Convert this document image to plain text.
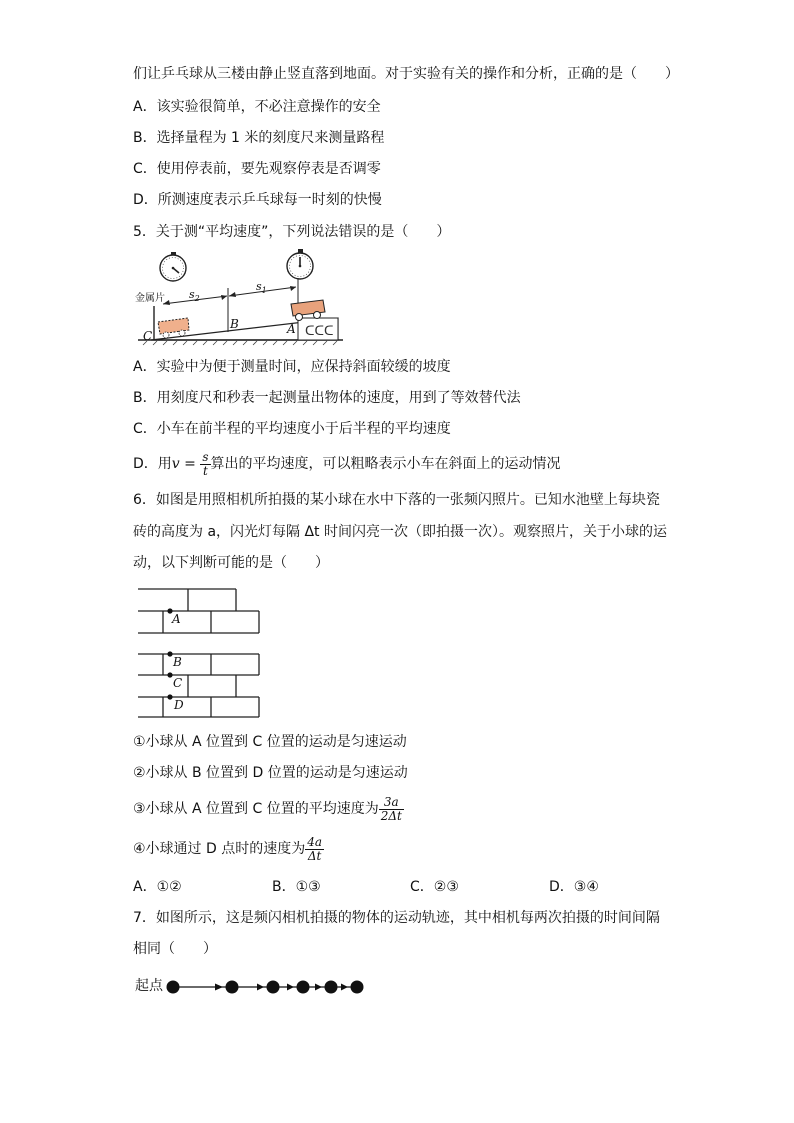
们让乒乓球从三楼由静止竖直落到地面。对于实验有关的操作和分析，正确的是（　　）
A．该实验很简单，不必注意操作的安全
B．选择量程为 1 米的刻度尺来测量路程
C．使用停表前，要先观察停表是否调零
D．所测速度表示乒乓球每一时刻的快慢
5．关于测“平均速度”，下列说法错误的是（　　）
金属片
ᑕᑕᑕ
$s_2$
$s_1$
C
B	A
A．实验中为便于测量时间，应保持斜面较缓的坡度
B．用刻度尺和秒表一起测量出物体的速度，用到了等效替代法
C．小车在前半程的平均速度小于后半程的平均速度
D．用$v = \frac{s}{t}$ 算出的平均速度，可以粗略表示小车在斜面上的运动情况
6．如图是用照相机所拍摄的某小球在水中下落的一张频闪照片。已知水池壁上每块瓷
砖的高度为 a，闪光灯每隔 Δt 时间闪亮一次（即拍摄一次）。观察照片，关于小球的运
动，以下判断可能的是（　　）
A
B
C
D
①小球从 A 位置到 C 位置的运动是匀速运动
②小球从 B 位置到 D 位置的运动是匀速运动
③小球从 A 位置到 C 位置的平均速度为 $\frac{3a}{2\Delta t}$
④小球通过 D 点时的速度为 $\frac{4a}{\Delta t}$
A．①②	B．①③	C．②③	D．③④
7．如图所示，这是频闪相机拍摄的物体的运动轨迹，其中相机每两次拍摄的时间间隔
相同（　　）
起点
